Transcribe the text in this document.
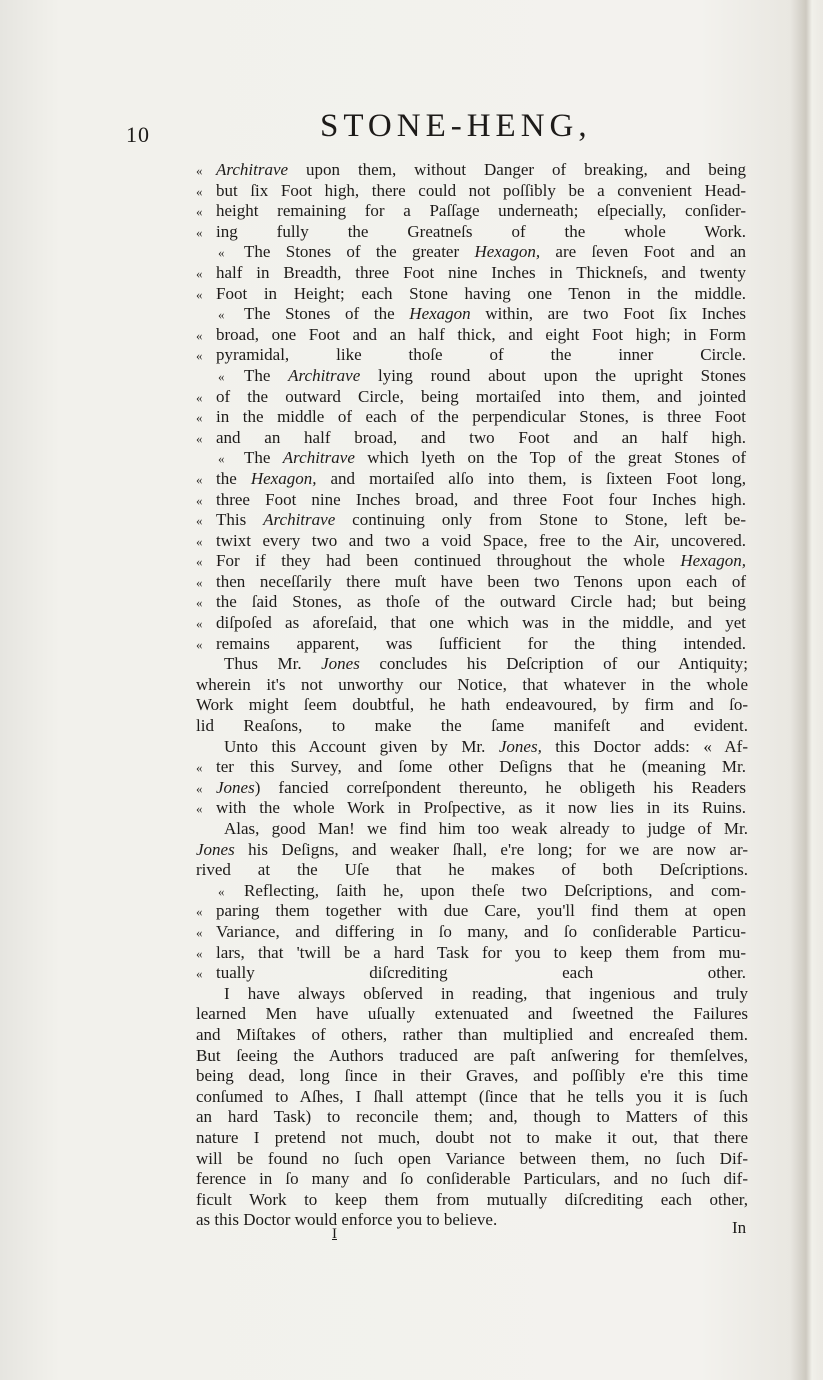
10	STONE-HENG,
« Architrave upon them, without Danger of breaking, and being
« but ſix Foot high, there could not poſſibly be a convenient Head-
« height remaining for a Paſſage underneath; eſpecially, conſider-
« ing fully the Greatneſs of the whole Work.
« The Stones of the greater Hexagon, are ſeven Foot and an
« half in Breadth, three Foot nine Inches in Thickneſs, and twenty
« Foot in Height; each Stone having one Tenon in the middle.
« The Stones of the Hexagon within, are two Foot ſix Inches
« broad, one Foot and an half thick, and eight Foot high; in Form
« pyramidal, like thoſe of the inner Circle.
« The Architrave lying round about upon the upright Stones
« of the outward Circle, being mortaiſed into them, and jointed
« in the middle of each of the perpendicular Stones, is three Foot
« and an half broad, and two Foot and an half high.
« The Architrave which lyeth on the Top of the great Stones of
« the Hexagon, and mortaiſed alſo into them, is ſixteen Foot long,
« three Foot nine Inches broad, and three Foot four Inches high.
« This Architrave continuing only from Stone to Stone, left be-
« twixt every two and two a void Space, free to the Air, uncovered.
« For if they had been continued throughout the whole Hexagon,
« then neceſſarily there muſt have been two Tenons upon each of
« the ſaid Stones, as thoſe of the outward Circle had; but being
« diſpoſed as aforeſaid, that one which was in the middle, and yet
« remains apparent, was ſufficient for the thing intended.
Thus Mr. Jones concludes his Deſcription of our Antiquity;
wherein it's not unworthy our Notice, that whatever in the whole
Work might ſeem doubtful, he hath endeavoured, by firm and ſo-
lid Reaſons, to make the ſame manifeſt and evident.
Unto this Account given by Mr. Jones, this Doctor adds: « Af-
« ter this Survey, and ſome other Deſigns that he (meaning Mr.
« Jones) fancied correſpondent thereunto, he obligeth his Readers
« with the whole Work in Proſpective, as it now lies in its Ruins.
Alas, good Man! we find him too weak already to judge of Mr.
Jones his Deſigns, and weaker ſhall, e're long; for we are now ar-
rived at the Uſe that he makes of both Deſcriptions.
« Reflecting, ſaith he, upon theſe two Deſcriptions, and com-
« paring them together with due Care, you'll find them at open
« Variance, and differing in ſo many, and ſo conſiderable Particu-
« lars, that 'twill be a hard Task for you to keep them from mu-
« tually diſcrediting each other.
I have always obſerved in reading, that ingenious and truly
learned Men have uſually extenuated and ſweetned the Failures
and Miſtakes of others, rather than multiplied and encreaſed them.
But ſeeing the Authors traduced are paſt anſwering for themſelves,
being dead, long ſince in their Graves, and poſſibly e're this time
conſumed to Aſhes, I ſhall attempt (ſince that he tells you it is ſuch
an hard Task) to reconcile them; and, though to Matters of this
nature I pretend not much, doubt not to make it out, that there
will be found no ſuch open Variance between them, no ſuch Dif-
ference in ſo many and ſo conſiderable Particulars, and no ſuch dif-
ficult Work to keep them from mutually diſcrediting each other,
as this Doctor would enforce you to believe.
I	In
